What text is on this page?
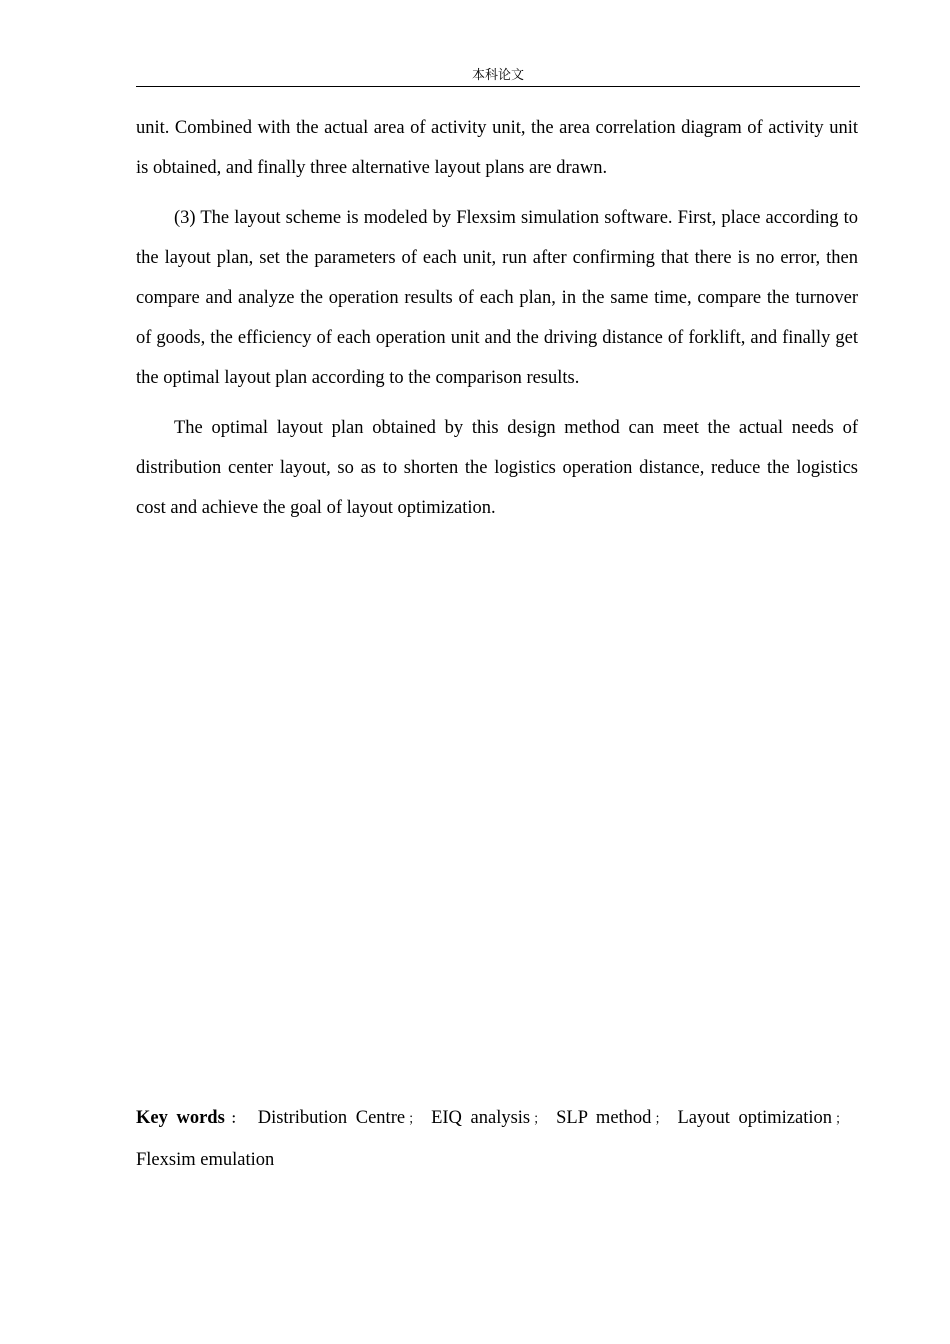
本科论文

unit. Combined with the actual area of activity unit, the area correlation diagram of activity unit is obtained, and finally three alternative layout plans are drawn.

(3) The layout scheme is modeled by Flexsim simulation software. First, place according to the layout plan, set the parameters of each unit, run after confirming that there is no error, then compare and analyze the operation results of each plan, in the same time, compare the turnover of goods, the efficiency of each operation unit and the driving distance of forklift, and finally get the optimal layout plan according to the comparison results.

The optimal layout plan obtained by this design method can meet the actual needs of distribution center layout, so as to shorten the logistics operation distance, reduce the logistics cost and achieve the goal of layout optimization.

Key words ： Distribution Centre ； EIQ analysis ； SLP method ； Layout optimization ； Flexsim emulation
